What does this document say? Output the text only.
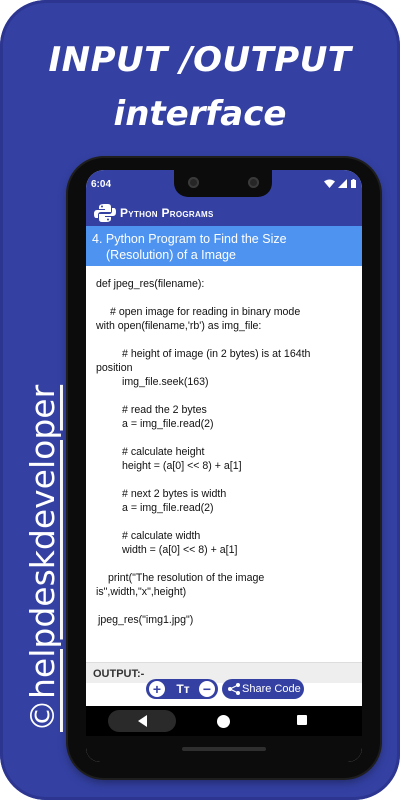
INPUT /OUTPUT
interface
©helpdeskdeveloper
6:04

Python Programs
4. Python Program to Find the Size
(Resolution) of a Image
def jpeg_res(filename):
# open image for reading in binary mode
with open(filename,'rb') as img_file:
# height of image (in 2 bytes) is at 164th
position
img_file.seek(163)
# read the 2 bytes
a = img_file.read(2)
# calculate height
height = (a[0] << 8) + a[1]
# next 2 bytes is width
a = img_file.read(2)
# calculate width
width = (a[0] << 8) + a[1]
print("The resolution of the image
is",width,"x",height)
jpeg_res("img1.jpg")
OUTPUT:-
+	Tт −	Share Code
